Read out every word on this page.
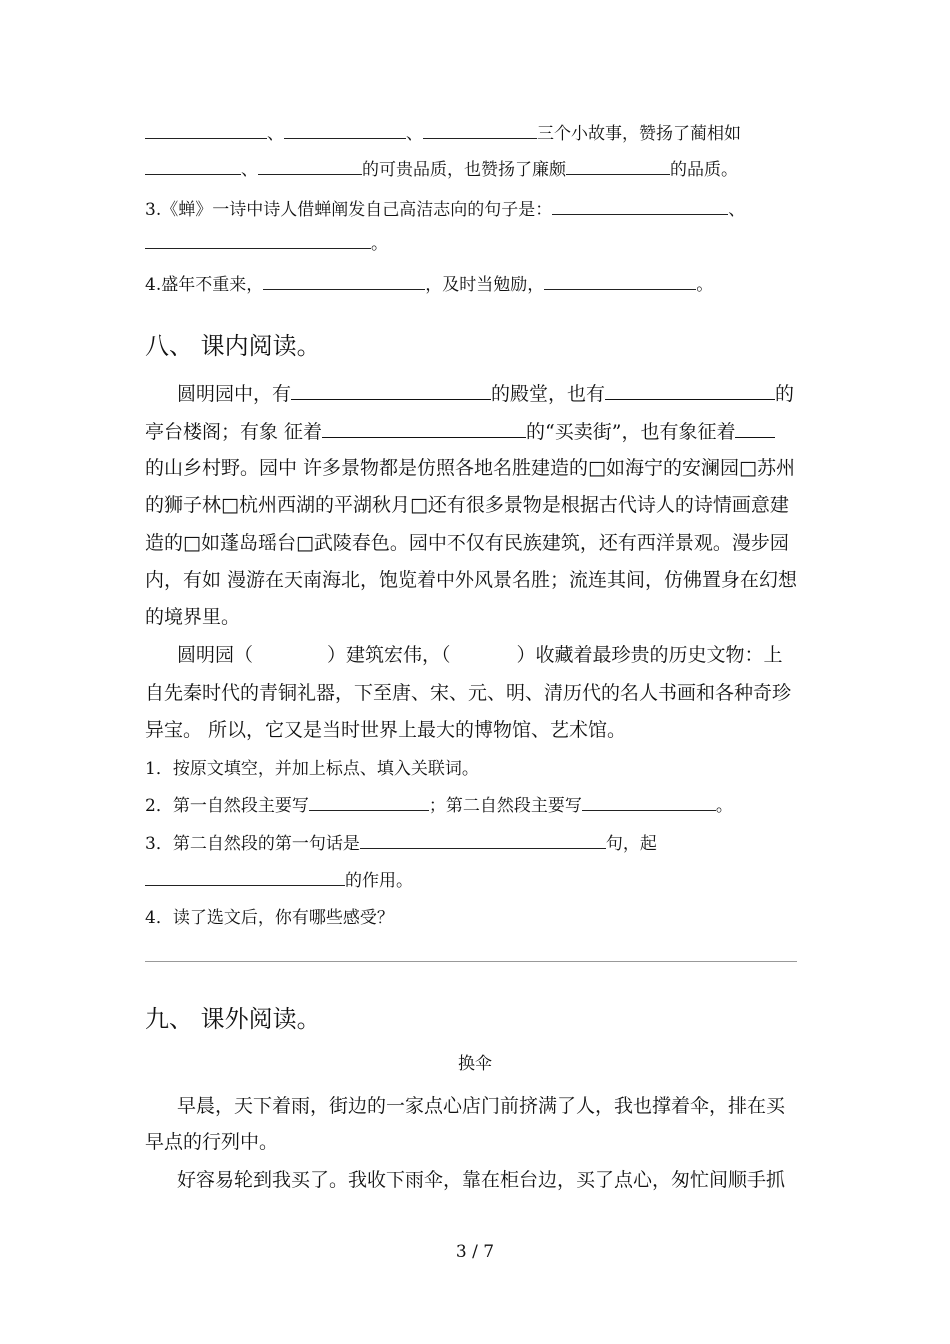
、	、	三个小故事，赞扬了蔺相如
、	的可贵品质，也赞扬了廉颇	的品质。
3.《蝉》一诗中诗人借蝉阐发自己高洁志向的句子是：	、
。
4.盛年不重来，	，及时当勉励，	。
八、 课内阅读。
圆明园中，有	的殿堂，也有	的
亭台楼阁；有象 征着	的“买卖街”，也有象征着
的山乡村野。园中 许多景物都是仿照各地名胜建造的□如海宁的安澜园□苏州
的狮子林□杭州西湖的平湖秋月□还有很多景物是根据古代诗人的诗情画意建
造的□如蓬岛瑶台□武陵春色。园中不仅有民族建筑，还有西洋景观。漫步园
内，有如 漫游在天南海北，饱览着中外风景名胜；流连其间，仿佛置身在幻想
的境界里。
圆明园（	）建筑宏伟，（	）收藏着最珍贵的历史文物：上
自先秦时代的青铜礼器，下至唐、宋、元、明、清历代的名人书画和各种奇珍
异宝。 所以，它又是当时世界上最大的博物馆、艺术馆。
1．按原文填空，并加上标点、填入关联词。
2．第一自然段主要写	；第二自然段主要写	。
3．第二自然段的第一句话是	句，起
的作用。
4．读了选文后，你有哪些感受？
九、 课外阅读。
换伞
早晨，天下着雨，街边的一家点心店门前挤满了人，我也撑着伞，排在买
早点的行列中。
好容易轮到我买了。我收下雨伞，靠在柜台边，买了点心，匆忙间顺手抓
3 / 7
